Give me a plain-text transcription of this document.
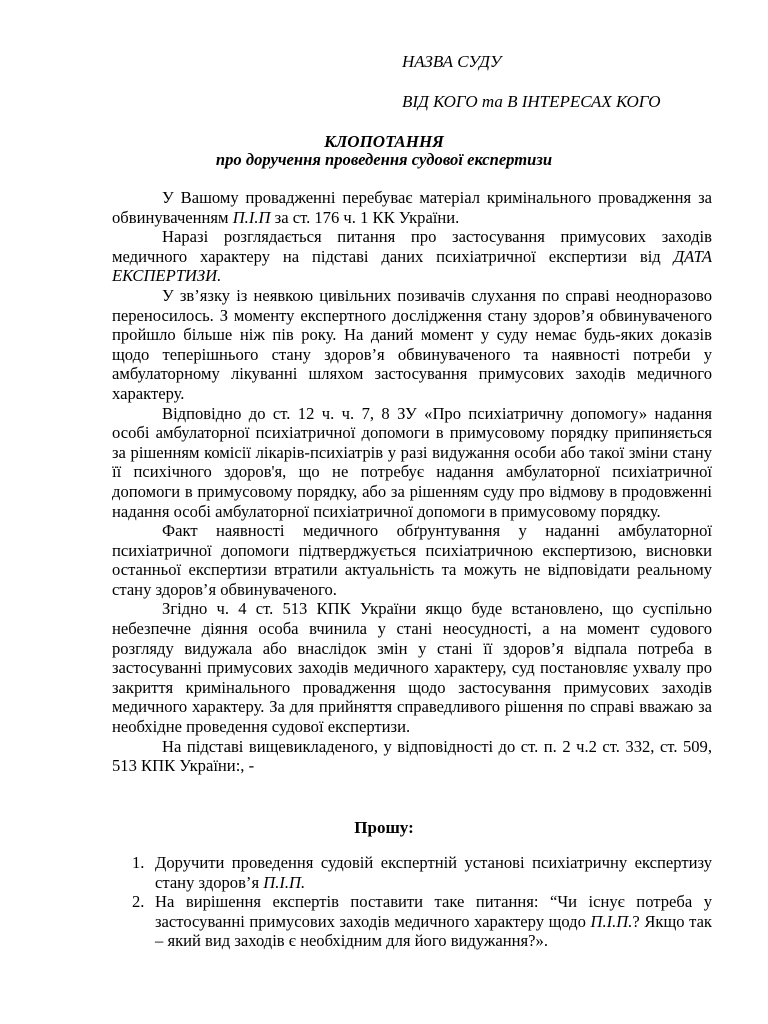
НАЗВА СУДУ
ВІД КОГО та В ІНТЕРЕСАХ КОГО
КЛОПОТАННЯ
про доручення проведення судової експертизи

У Вашому провадженні перебуває матеріал кримінального провадження за обвинуваченням П.І.П за ст. 176 ч. 1 КК України.

Наразі розглядається питання про застосування примусових заходів медичного характеру на підставі даних психіатричної експертизи від ДАТА ЕКСПЕРТИЗИ.

У зв’язку із неявкою цивільних позивачів слухання по справі неодноразово переносилось. З моменту експертного дослідження стану здоров’я обвинуваченого пройшло більше ніж пів року. На даний момент у суду немає будь-яких доказів щодо теперішнього стану здоров’я обвинуваченого та наявності потреби у амбулаторному лікуванні шляхом застосування примусових заходів медичного характеру.

Відповідно до ст. 12 ч. ч. 7, 8 ЗУ «Про психіатричну допомогу» надання особі амбулаторної психіатричної допомоги в примусовому порядку припиняється за рішенням комісії лікарів-психіатрів у разі видужання особи або такої зміни стану її психічного здоров'я, що не потребує надання амбулаторної психіатричної допомоги в примусовому порядку, або за рішенням суду про відмову в продовженні надання особі амбулаторної психіатричної допомоги в примусовому порядку.

Факт наявності медичного обґрунтування у наданні амбулаторної психіатричної допомоги підтверджується психіатричною експертизою, висновки останньої експертизи втратили актуальність та можуть не відповідати реальному стану здоров’я обвинуваченого.

Згідно ч. 4 ст. 513 КПК України якщо буде встановлено, що суспільно небезпечне діяння особа вчинила у стані неосудності, а на момент судового розгляду видужала або внаслідок змін у стані її здоров’я відпала потреба в застосуванні примусових заходів медичного характеру, суд постановляє ухвалу про закриття кримінального провадження щодо застосування примусових заходів медичного характеру. За для прийняття справедливого рішення по справі вважаю за необхідне проведення судової експертизи.

На підставі вищевикладеного, у відповідності до ст. п. 2 ч.2 ст. 332, ст. 509, 513 КПК України:, -

Прошу:
1. Доручити проведення судовій експертній установі психіатричну експертизу стану здоров’я П.І.П.
2. На вирішення експертів поставити таке питання: “Чи існує потреба у застосуванні примусових заходів медичного характеру щодо П.І.П.? Якщо так – який вид заходів є необхідним для його видужання?».
